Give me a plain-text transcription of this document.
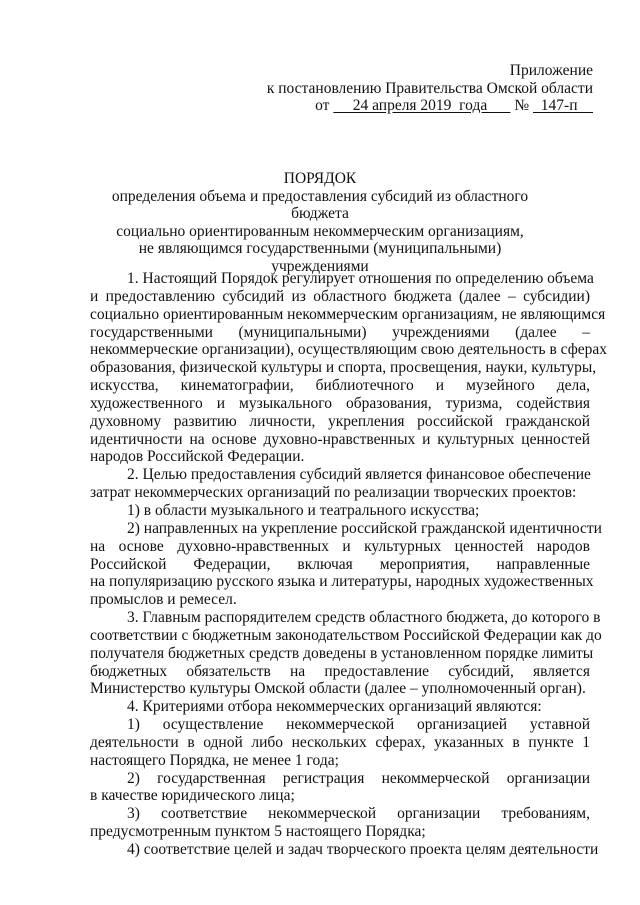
Приложение
к постановлению Правительства Омской области
от      24 апреля 2019  года       №   147-п
ПОРЯДОК
определения объема и предоставления субсидий из областного бюджета
социально ориентированным некоммерческим организациям,
не являющимся государственными (муниципальными)
учреждениями
1. Настоящий Порядок регулирует отношения по определению объема
и предоставлению субсидий из областного бюджета (далее – субсидии)
социально ориентированным некоммерческим организациям, не являющимся
государственными (муниципальными) учреждениями (далее –
некоммерческие организации), осуществляющим свою деятельность в сферах
образования, физической культуры и спорта, просвещения, науки, культуры,
искусства, кинематографии, библиотечного и музейного дела,
художественного и музыкального образования, туризма, содействия
духовному развитию личности, укрепления российской гражданской
идентичности на основе духовно-нравственных и культурных ценностей
народов Российской Федерации.
2. Целью предоставления субсидий является финансовое обеспечение
затрат некоммерческих организаций по реализации творческих проектов:
1) в области музыкального и театрального искусства;
2) направленных на укрепление российской гражданской идентичности
на основе духовно-нравственных и культурных ценностей народов
Российской Федерации, включая мероприятия, направленные
на популяризацию русского языка и литературы, народных художественных
промыслов и ремесел.
3. Главным распорядителем средств областного бюджета, до которого в
соответствии с бюджетным законодательством Российской Федерации как до
получателя бюджетных средств доведены в установленном порядке лимиты
бюджетных обязательств на предоставление субсидий, является
Министерство культуры Омской области (далее – уполномоченный орган).
4. Критериями отбора некоммерческих организаций являются:
1) осуществление некоммерческой организацией уставной
деятельности в одной либо нескольких сферах, указанных в пункте 1
настоящего Порядка, не менее 1 года;
2) государственная регистрация некоммерческой организации
в качестве юридического лица;
3) соответствие некоммерческой организации требованиям,
предусмотренным пунктом 5 настоящего Порядка;
4) соответствие целей и задач творческого проекта целям деятельности
